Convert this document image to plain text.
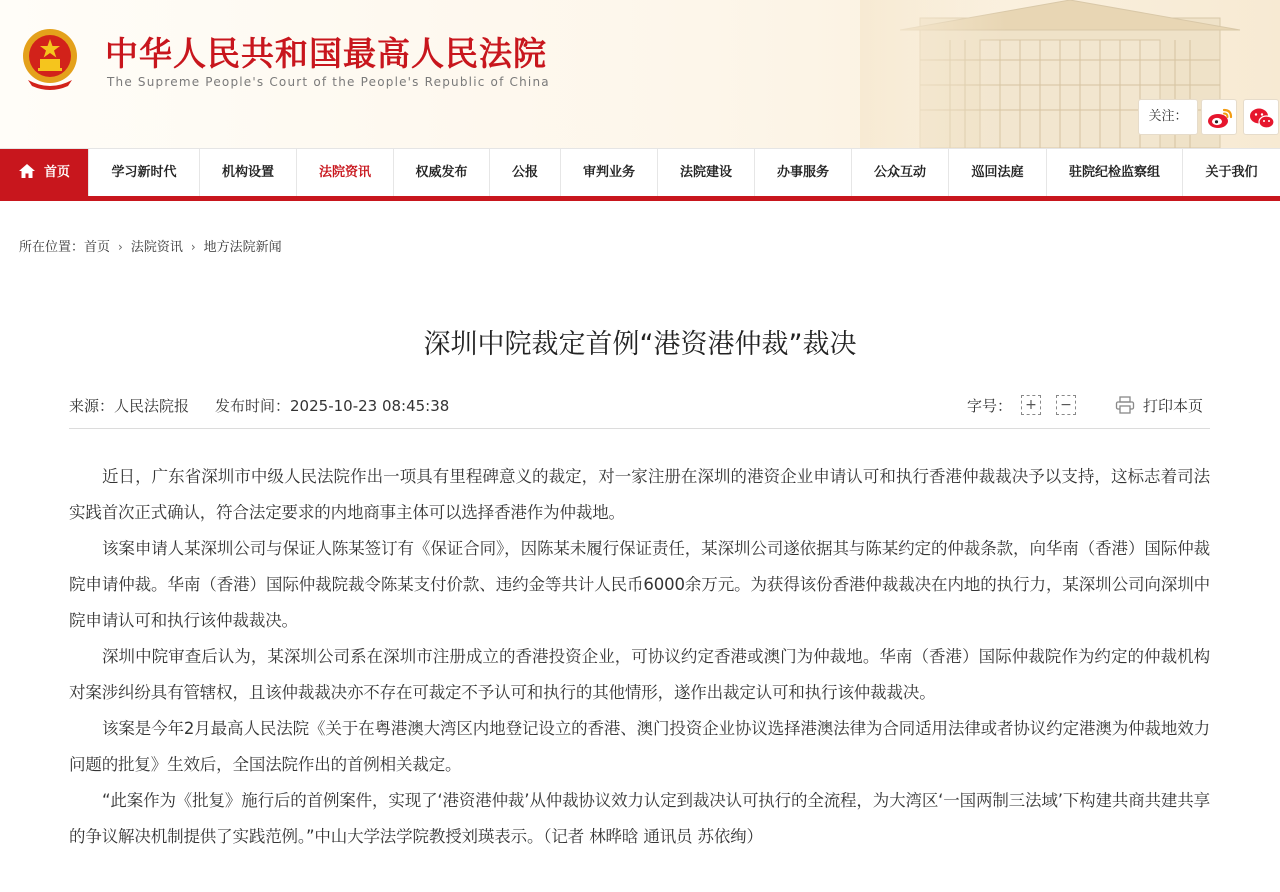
中华人民共和国最高人民法院
The Supreme People's Court of the People's Republic of China
关注：
首页	学习新时代	机构设置	法院资讯	权威发布	公报	审判业务	法院建设	办事服务	公众互动	巡回法庭	驻院纪检监察组	关于我们
所在位置：首页 › 法院资讯 › 地方法院新闻
深圳中院裁定首例“港资港仲裁”裁决
来源：人民法院报 发布时间：2025-10-23 08:45:38	字号： + −	打印本页

近日，广东省深圳市中级人民法院作出一项具有里程碑意义的裁定，对一家注册在深圳的港资企业申请认可和执行香港仲裁裁决予以支持，这标志着司法实践首次正式确认，符合法定要求的内地商事主体可以选择香港作为仲裁地。

该案申请人某深圳公司与保证人陈某签订有《保证合同》，因陈某未履行保证责任，某深圳公司遂依据其与陈某约定的仲裁条款，向华南（香港）国际仲裁院申请仲裁。华南（香港）国际仲裁院裁令陈某支付价款、违约金等共计人民币6000余万元。为获得该份香港仲裁裁决在内地的执行力，某深圳公司向深圳中院申请认可和执行该仲裁裁决。

深圳中院审查后认为，某深圳公司系在深圳市注册成立的香港投资企业，可协议约定香港或澳门为仲裁地。华南（香港）国际仲裁院作为约定的仲裁机构对案涉纠纷具有管辖权，且该仲裁裁决亦不存在可裁定不予认可和执行的其他情形，遂作出裁定认可和执行该仲裁裁决。

该案是今年2月最高人民法院《关于在粤港澳大湾区内地登记设立的香港、澳门投资企业协议选择港澳法律为合同适用法律或者协议约定港澳为仲裁地效力问题的批复》生效后，全国法院作出的首例相关裁定。

“此案作为《批复》施行后的首例案件，实现了‘港资港仲裁’从仲裁协议效力认定到裁决认可执行的全流程，为大湾区‘一国两制三法域’下构建共商共建共享的争议解决机制提供了实践范例。”中山大学法学院教授刘瑛表示。（记者 林晔晗 通讯员 苏依绚）
